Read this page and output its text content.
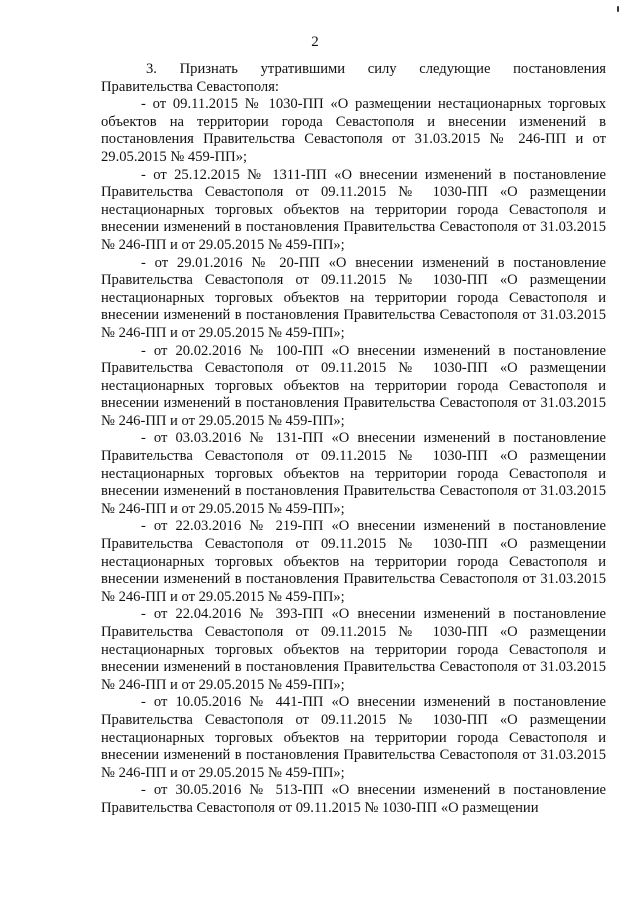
2

3. Признать утратившими силу следующие постановления Правительства Севастополя:

- от 09.11.2015 № 1030-ПП «О размещении нестационарных торговых объектов на территории города Севастополя и внесении изменений в постановления Правительства Севастополя от 31.03.2015 № 246-ПП и от 29.05.2015 № 459-ПП»;

- от 25.12.2015 № 1311-ПП «О внесении изменений в постановление Правительства Севастополя от 09.11.2015 № 1030-ПП «О размещении нестационарных торговых объектов на территории города Севастополя и внесении изменений в постановления Правительства Севастополя от 31.03.2015 № 246-ПП и от 29.05.2015 № 459-ПП»;

- от 29.01.2016 № 20-ПП «О внесении изменений в постановление Правительства Севастополя от 09.11.2015 № 1030-ПП «О размещении нестационарных торговых объектов на территории города Севастополя и внесении изменений в постановления Правительства Севастополя от 31.03.2015 № 246-ПП и от 29.05.2015 № 459-ПП»;

- от 20.02.2016 № 100-ПП «О внесении изменений в постановление Правительства Севастополя от 09.11.2015 № 1030-ПП «О размещении нестационарных торговых объектов на территории города Севастополя и внесении изменений в постановления Правительства Севастополя от 31.03.2015 № 246-ПП и от 29.05.2015 № 459-ПП»;

- от 03.03.2016 № 131-ПП «О внесении изменений в постановление Правительства Севастополя от 09.11.2015 № 1030-ПП «О размещении нестационарных торговых объектов на территории города Севастополя и внесении изменений в постановления Правительства Севастополя от 31.03.2015 № 246-ПП и от 29.05.2015 № 459-ПП»;

- от 22.03.2016 № 219-ПП «О внесении изменений в постановление Правительства Севастополя от 09.11.2015 № 1030-ПП «О размещении нестационарных торговых объектов на территории города Севастополя и внесении изменений в постановления Правительства Севастополя от 31.03.2015 № 246-ПП и от 29.05.2015 № 459-ПП»;

- от 22.04.2016 № 393-ПП «О внесении изменений в постановление Правительства Севастополя от 09.11.2015 № 1030-ПП «О размещении нестационарных торговых объектов на территории города Севастополя и внесении изменений в постановления Правительства Севастополя от 31.03.2015 № 246-ПП и от 29.05.2015 № 459-ПП»;

- от 10.05.2016 № 441-ПП «О внесении изменений в постановление Правительства Севастополя от 09.11.2015 № 1030-ПП «О размещении нестационарных торговых объектов на территории города Севастополя и внесении изменений в постановления Правительства Севастополя от 31.03.2015 № 246-ПП и от 29.05.2015 № 459-ПП»;

- от 30.05.2016 № 513-ПП «О внесении изменений в постановление Правительства Севастополя от 09.11.2015 № 1030-ПП «О размещении
